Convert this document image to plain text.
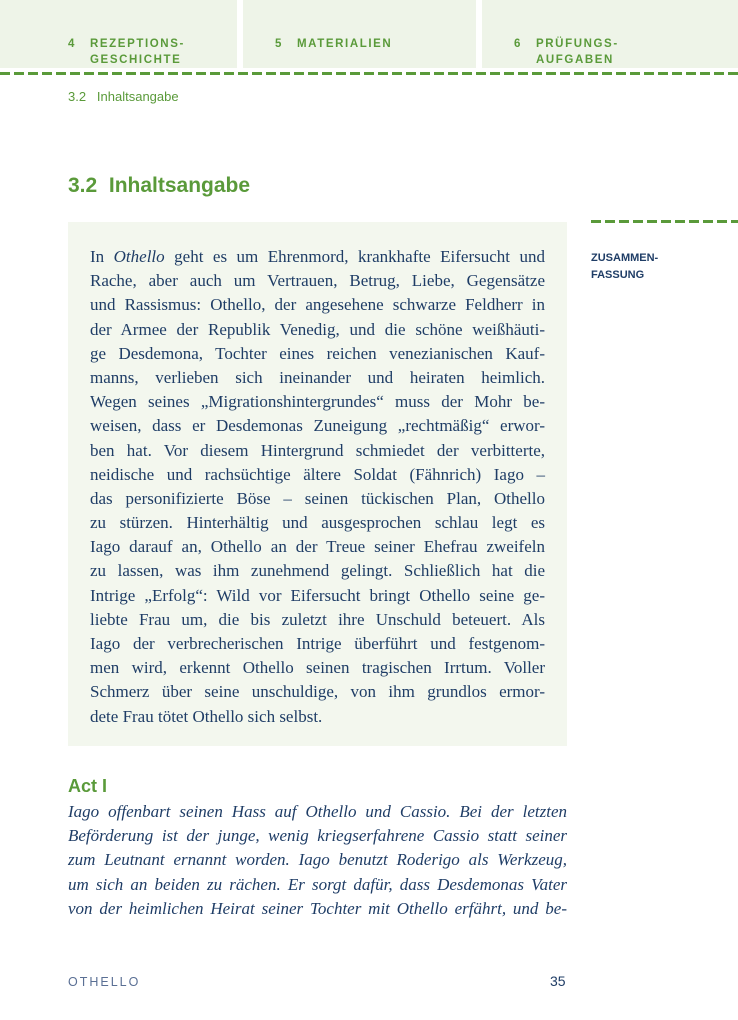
4 REZEPTIONS-
GESCHICHTE
5 MATERIALIEN	6 PRÜFUNGS-
AUFGABEN
3.2 Inhaltsangabe
3.2  Inhaltsangabe
ZUSAMMEN-
FASSUNG
In Othello geht es um Ehrenmord, krankhafte Eifersucht und
Rache, aber auch um Vertrauen, Betrug, Liebe, Gegensätze
und Rassismus: Othello, der angesehene schwarze Feldherr in
der Armee der Republik Venedig, und die schöne weißhäuti-
ge Desdemona, Tochter eines reichen venezianischen Kauf-
manns, verlieben sich ineinander und heiraten heimlich.
Wegen seines „Migrationshintergrundes“ muss der Mohr be-
weisen, dass er Desdemonas Zuneigung „rechtmäßig“ erwor-
ben hat. Vor diesem Hintergrund schmiedet der verbitterte,
neidische und rachsüchtige ältere Soldat (Fähnrich) Iago –
das personifizierte Böse – seinen tückischen Plan, Othello
zu stürzen. Hinterhältig und ausgesprochen schlau legt es
Iago darauf an, Othello an der Treue seiner Ehefrau zweifeln
zu lassen, was ihm zunehmend gelingt. Schließlich hat die
Intrige „Erfolg“: Wild vor Eifersucht bringt Othello seine ge-
liebte Frau um, die bis zuletzt ihre Unschuld beteuert. Als
Iago der verbrecherischen Intrige überführt und festgenom-
men wird, erkennt Othello seinen tragischen Irrtum. Voller
Schmerz über seine unschuldige, von ihm grundlos ermor-
dete Frau tötet Othello sich selbst.
Act I
Iago offenbart seinen Hass auf Othello und Cassio. Bei der letzten
Beförderung ist der junge, wenig kriegserfahrene Cassio statt seiner
zum Leutnant ernannt worden. Iago benutzt Roderigo als Werkzeug,
um sich an beiden zu rächen. Er sorgt dafür, dass Desdemonas Vater
von der heimlichen Heirat seiner Tochter mit Othello erfährt, und be-
OTHELLO	35
